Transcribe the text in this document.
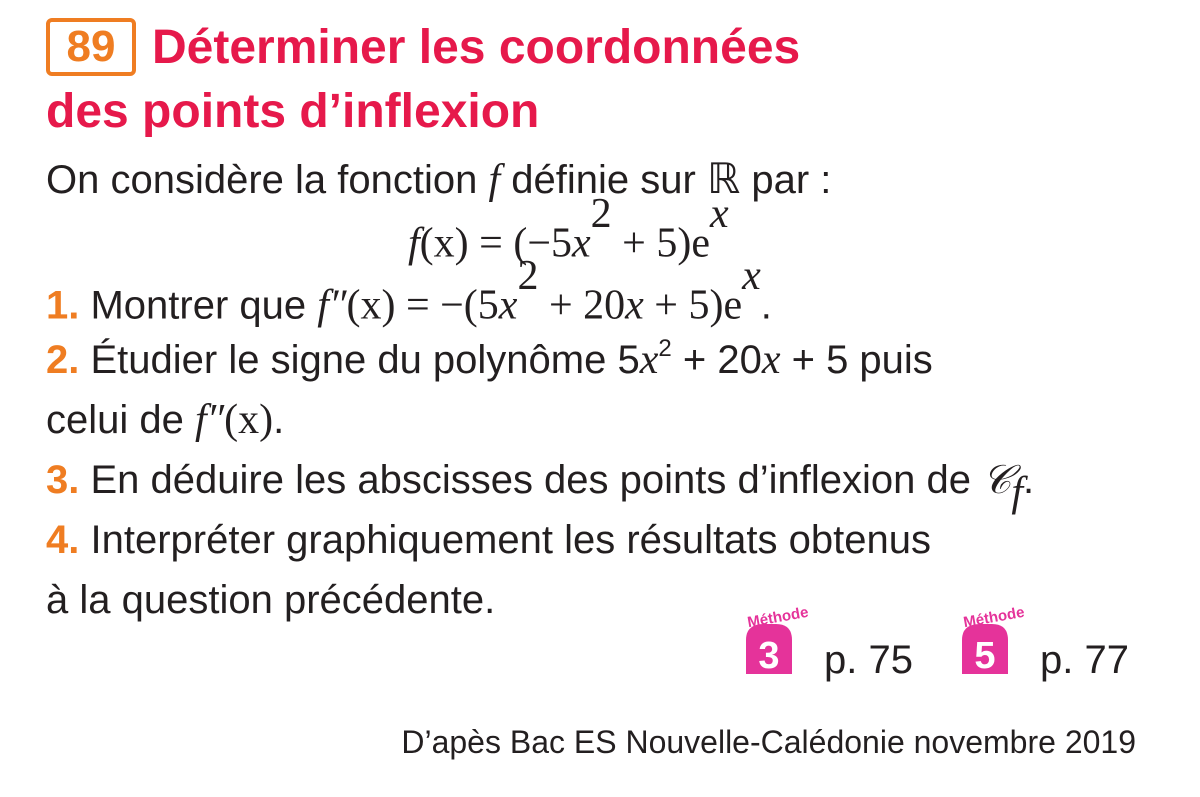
89 Déterminer les coordonnées
des points d’inflexion
On considère la fonction f définie sur ℝ par :
$f(x) = (-5x^2 + 5)e^x$
1. Montrer que $f''(x) = -(5x^2 + 20x + 5)e^x$.
2. Étudier le signe du polynôme $5x^2 + 20x + 5$ puis
celui de f″(x).
3. En déduire les abscisses des points d’inflexion de 𝒞$_f$.
4. Interpréter graphiquement les résultats obtenus
à la question précédente.
3
Méthode
p. 75 5
Méthode
p. 77
D’apès Bac ES Nouvelle-Calédonie novembre 2019
